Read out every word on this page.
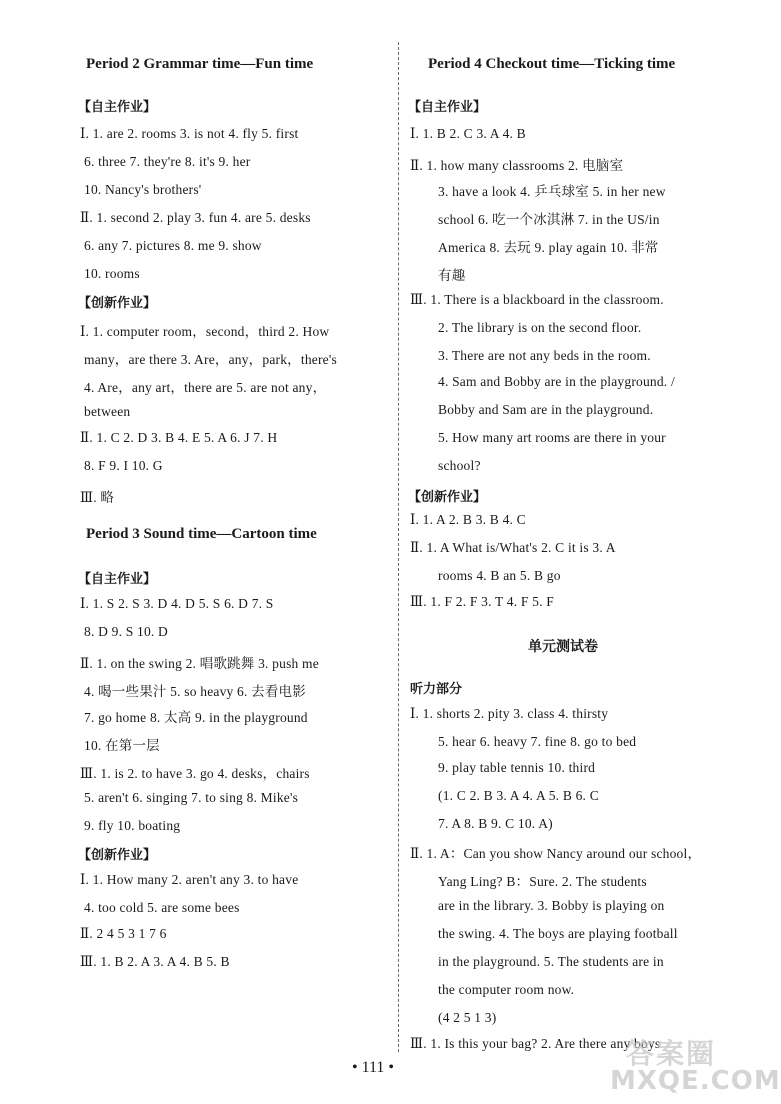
Period 2 Grammar time—Fun time
【自主作业】
Ⅰ. 1. are 2. rooms 3. is not 4. fly 5. first
6. three 7. they're 8. it's 9. her
10. Nancy's brothers'
Ⅱ. 1. second 2. play 3. fun 4. are 5. desks
6. any 7. pictures 8. me 9. show
10. rooms
【创新作业】
Ⅰ. 1. computer room，second，third 2. How
many，are there 3. Are，any，park，there's
4. Are，any art，there are 5. are not any，
between
Ⅱ. 1. C 2. D 3. B 4. E 5. A 6. J 7. H
8. F 9. I 10. G
Ⅲ. 略
Period 3 Sound time—Cartoon time
【自主作业】
Ⅰ. 1. S 2. S 3. D 4. D 5. S 6. D 7. S
8. D 9. S 10. D
Ⅱ. 1. on the swing 2. 唱歌跳舞 3. push me
4. 喝一些果汁 5. so heavy 6. 去看电影
7. go home 8. 太高 9. in the playground
10. 在第一层
Ⅲ. 1. is 2. to have 3. go 4. desks，chairs
5. aren't 6. singing 7. to sing 8. Mike's
9. fly 10. boating
【创新作业】
Ⅰ. 1. How many 2. aren't any 3. to have
4. too cold 5. are some bees
Ⅱ. 2 4 5 3 1 7 6
Ⅲ. 1. B 2. A 3. A 4. B 5. B
Period 4 Checkout time—Ticking time
【自主作业】
Ⅰ. 1. B 2. C 3. A 4. B
Ⅱ. 1. how many classrooms 2. 电脑室
3. have a look 4. 乒乓球室 5. in her new
school 6. 吃一个冰淇淋 7. in the US/in
America 8. 去玩 9. play again 10. 非常
有趣
Ⅲ. 1. There is a blackboard in the classroom.
2. The library is on the second floor.
3. There are not any beds in the room.
4. Sam and Bobby are in the playground. /
Bobby and Sam are in the playground.
5. How many art rooms are there in your
school?
【创新作业】
Ⅰ. 1. A 2. B 3. B 4. C
Ⅱ. 1. A What is/What's 2. C it is 3. A
rooms 4. B an 5. B go
Ⅲ. 1. F 2. F 3. T 4. F 5. F
单元测试卷
听力部分
Ⅰ. 1. shorts 2. pity 3. class 4. thirsty
5. hear 6. heavy 7. fine 8. go to bed
9. play table tennis 10. third
(1. C 2. B 3. A 4. A 5. B 6. C
7. A 8. B 9. C 10. A)
Ⅱ. 1. A：Can you show Nancy around our school，
Yang Ling? B：Sure. 2. The students
are in the library. 3. Bobby is playing on
the swing. 4. The boys are playing football
in the playground. 5. The students are in
the computer room now.
(4 2 5 1 3)
Ⅲ. 1. Is this your bag? 2. Are there any boys
• 111 •	答案圈
MXQE.COM
